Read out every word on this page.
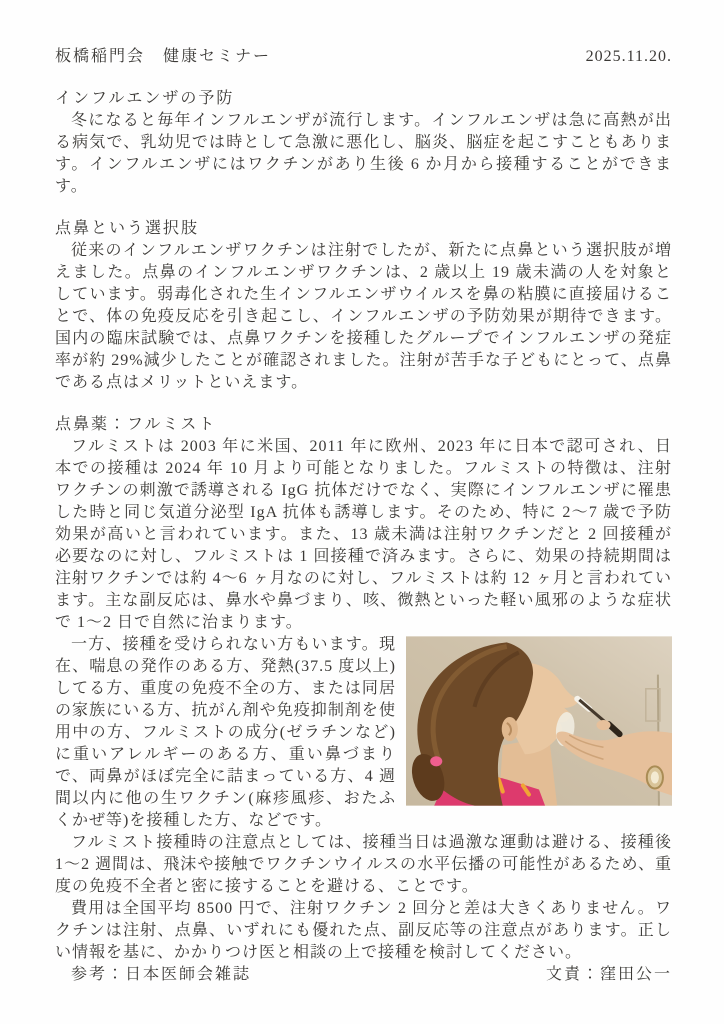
板橋稲門会　健康セミナー	2025.11.20.
インフルエンザの予防

冬になると毎年インフルエンザが流行します。インフルエンザは急に高熱が出る病気で、乳幼児では時として急激に悪化し、脳炎、脳症を起こすこともあります。インフルエンザにはワクチンがあり生後 6 か月から接種することができます。

点鼻という選択肢

従来のインフルエンザワクチンは注射でしたが、新たに点鼻という選択肢が増えました。点鼻のインフルエンザワクチンは、2 歳以上 19 歳未満の人を対象としています。弱毒化された生インフルエンザウイルスを鼻の粘膜に直接届けることで、体の免疫反応を引き起こし、インフルエンザの予防効果が期待できます。国内の臨床試験では、点鼻ワクチンを接種したグループでインフルエンザの発症率が約 29%減少したことが確認されました。注射が苦手な子どもにとって、点鼻である点はメリットといえます。

点鼻薬：フルミスト

フルミストは 2003 年に米国、2011 年に欧州、2023 年に日本で認可され、日本での接種は 2024 年 10 月より可能となりました。フルミストの特徴は、注射ワクチンの刺激で誘導される IgG 抗体だけでなく、実際にインフルエンザに罹患した時と同じ気道分泌型 IgA 抗体も誘導します。そのため、特に 2～7 歳で予防効果が高いと言われています。また、13 歳未満は注射ワクチンだと 2 回接種が必要なのに対し、フルミストは 1 回接種で済みます。さらに、効果の持続期間は注射ワクチンでは約 4～6 ヶ月なのに対し、フルミストは約 12 ヶ月と言われています。主な副反応は、鼻水や鼻づまり、咳、微熱といった軽い風邪のような症状で 1～2 日で自然に治まります。

一方、接種を受けられない方もいます。現在、喘息の発作のある方、発熱(37.5 度以上)してる方、重度の免疫不全の方、または同居の家族にいる方、抗がん剤や免疫抑制剤を使用中の方、フルミストの成分(ゼラチンなど)に重いアレルギーのある方、重い鼻づまりで、両鼻がほぼ完全に詰まっている方、4 週間以内に他の生ワクチン(麻疹風疹、おたふくかぜ等)を接種した方、などです。

フルミスト接種時の注意点としては、接種当日は過激な運動は避ける、接種後 1～2 週間は、飛沫や接触でワクチンウイルスの水平伝播の可能性があるため、重度の免疫不全者と密に接することを避ける、ことです。

費用は全国平均 8500 円で、注射ワクチン 2 回分と差は大きくありません。ワクチンは注射、点鼻、いずれにも優れた点、副反応等の注意点があります。正しい情報を基に、かかりつけ医と相談の上で接種を検討してください。

参考：日本医師会雑誌	文責：窪田公一
